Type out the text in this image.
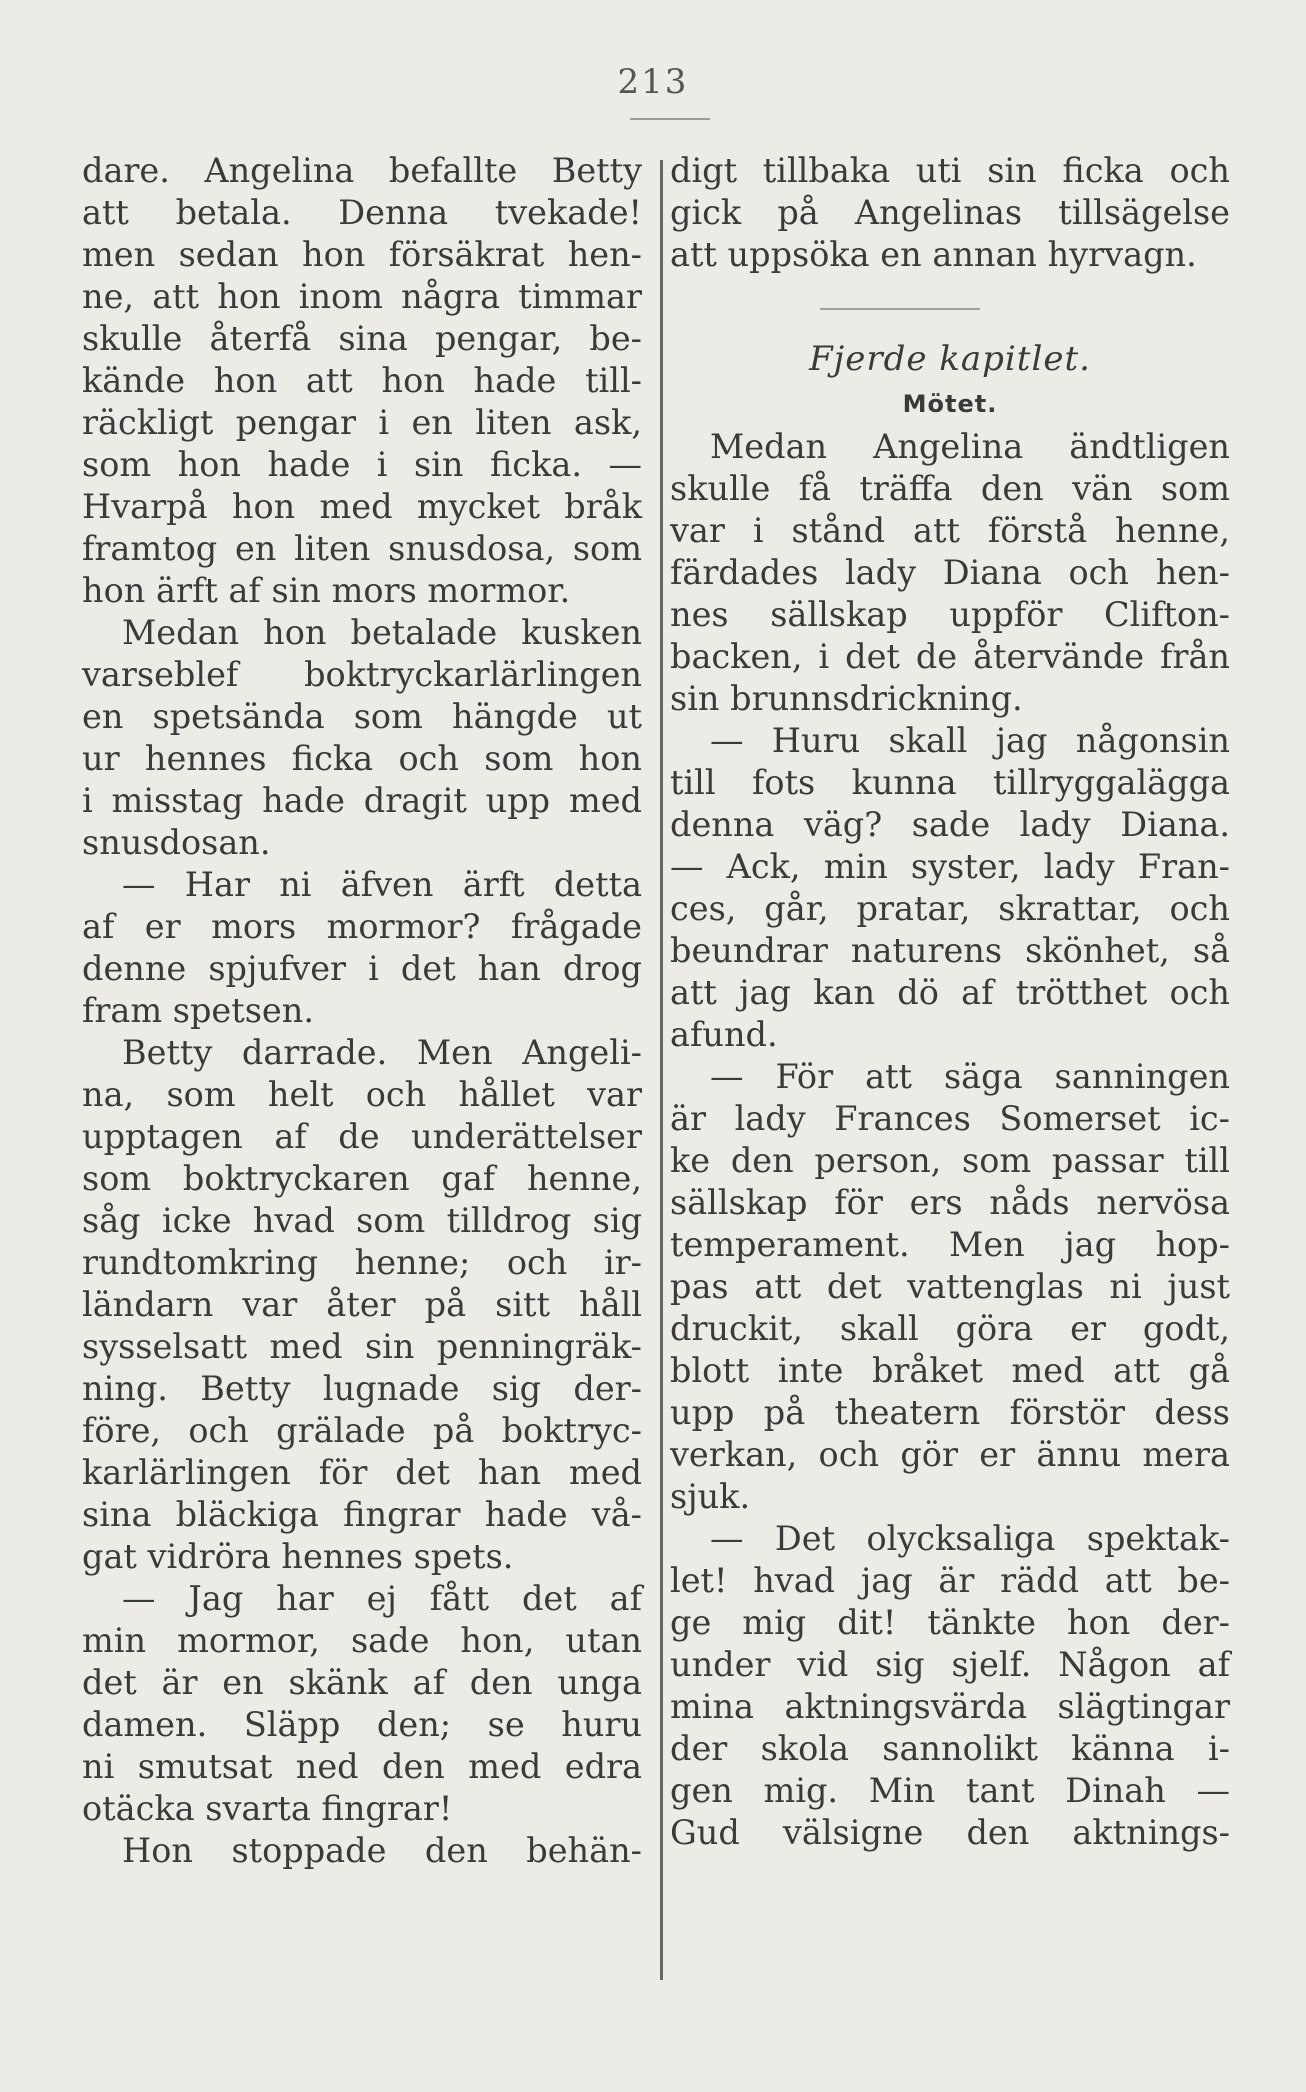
213
dare. Angelina befallte Betty
att betala. Denna tvekade!
men sedan hon försäkrat hen-
ne, att hon inom några timmar
skulle återfå sina pengar, be-
kände hon att hon hade till-
räckligt pengar i en liten ask,
som hon hade i sin ficka. —
Hvarpå hon med mycket bråk
framtog en liten snusdosa, som
hon ärft af sin mors mormor.
Medan hon betalade kusken
varseblef boktryckarlärlingen
en spetsända som hängde ut
ur hennes ficka och som hon
i misstag hade dragit upp med
snusdosan.
— Har ni äfven ärft detta
af er mors mormor? frågade
denne spjufver i det han drog
fram spetsen.
Betty darrade. Men Angeli-
na, som helt och hållet var
upptagen af de underättelser
som boktryckaren gaf henne,
såg icke hvad som tilldrog sig
rundtomkring henne; och ir-
ländarn var åter på sitt håll
sysselsatt med sin penningräk-
ning. Betty lugnade sig der-
före, och grälade på boktryc-
karlärlingen för det han med
sina bläckiga fingrar hade vå-
gat vidröra hennes spets.
— Jag har ej fått det af
min mormor, sade hon, utan
det är en skänk af den unga
damen. Släpp den; se huru
ni smutsat ned den med edra
otäcka svarta fingrar!
Hon stoppade den behän-
digt tillbaka uti sin ficka och
gick på Angelinas tillsägelse
att uppsöka en annan hyrvagn.
Fjerde kapitlet.
Mötet.
Medan Angelina ändtligen
skulle få träffa den vän som
var i stånd att förstå henne,
färdades lady Diana och hen-
nes sällskap uppför Clifton-
backen, i det de återvände från
sin brunnsdrickning.
— Huru skall jag någonsin
till fots kunna tillryggalägga
denna väg? sade lady Diana.
— Ack, min syster, lady Fran-
ces, går, pratar, skrattar, och
beundrar naturens skönhet, så
att jag kan dö af trötthet och
afund.
— För att säga sanningen
är lady Frances Somerset ic-
ke den person, som passar till
sällskap för ers nåds nervösa
temperament. Men jag hop-
pas att det vattenglas ni just
druckit, skall göra er godt,
blott inte bråket med att gå
upp på theatern förstör dess
verkan, och gör er ännu mera
sjuk.
— Det olycksaliga spektak-
let! hvad jag är rädd att be-
ge mig dit! tänkte hon der-
under vid sig sjelf. Någon af
mina aktningsvärda slägtingar
der skola sannolikt känna i-
gen mig. Min tant Dinah —
Gud välsigne den aktnings-
